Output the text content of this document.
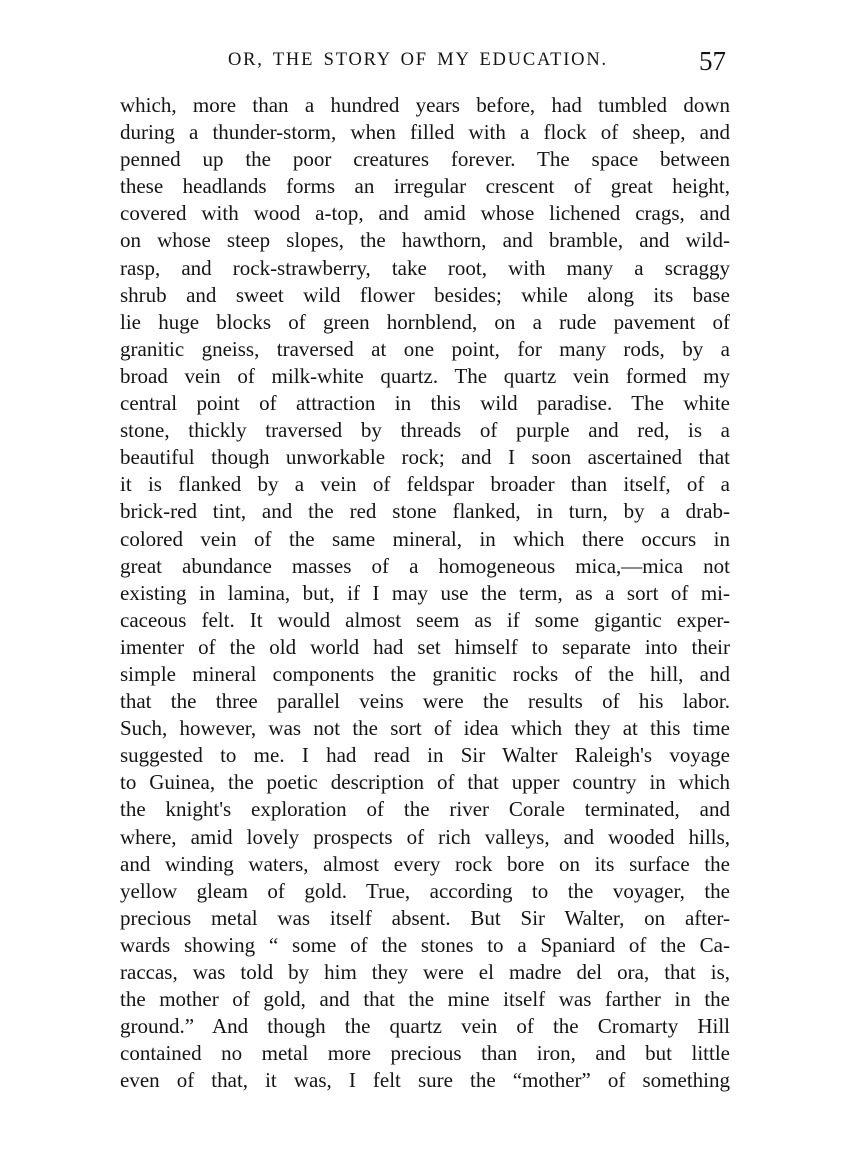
OR, THE STORY OF MY EDUCATION.	57
which, more than a hundred years before, had tumbled down
during a thunder-storm, when filled with a flock of sheep, and
penned up the poor creatures forever. The space between
these headlands forms an irregular crescent of great height,
covered with wood a-top, and amid whose lichened crags, and
on whose steep slopes, the hawthorn, and bramble, and wild-
rasp, and rock-strawberry, take root, with many a scraggy
shrub and sweet wild flower besides; while along its base
lie huge blocks of green hornblend, on a rude pavement of
granitic gneiss, traversed at one point, for many rods, by a
broad vein of milk-white quartz. The quartz vein formed my
central point of attraction in this wild paradise. The white
stone, thickly traversed by threads of purple and red, is a
beautiful though unworkable rock; and I soon ascertained that
it is flanked by a vein of feldspar broader than itself, of a
brick-red tint, and the red stone flanked, in turn, by a drab-
colored vein of the same mineral, in which there occurs in
great abundance masses of a homogeneous mica,—mica not
existing in lamina, but, if I may use the term, as a sort of mi-
caceous felt. It would almost seem as if some gigantic exper-
imenter of the old world had set himself to separate into their
simple mineral components the granitic rocks of the hill, and
that the three parallel veins were the results of his labor.
Such, however, was not the sort of idea which they at this time
suggested to me. I had read in Sir Walter Raleigh's voyage
to Guinea, the poetic description of that upper country in which
the knight's exploration of the river Corale terminated, and
where, amid lovely prospects of rich valleys, and wooded hills,
and winding waters, almost every rock bore on its surface the
yellow gleam of gold. True, according to the voyager, the
precious metal was itself absent. But Sir Walter, on after-
wards showing “ some of the stones to a Spaniard of the Ca-
raccas, was told by him they were el madre del ora, that is,
the mother of gold, and that the mine itself was farther in the
ground.” And though the quartz vein of the Cromarty Hill
contained no metal more precious than iron, and but little
even of that, it was, I felt sure the “mother” of something
